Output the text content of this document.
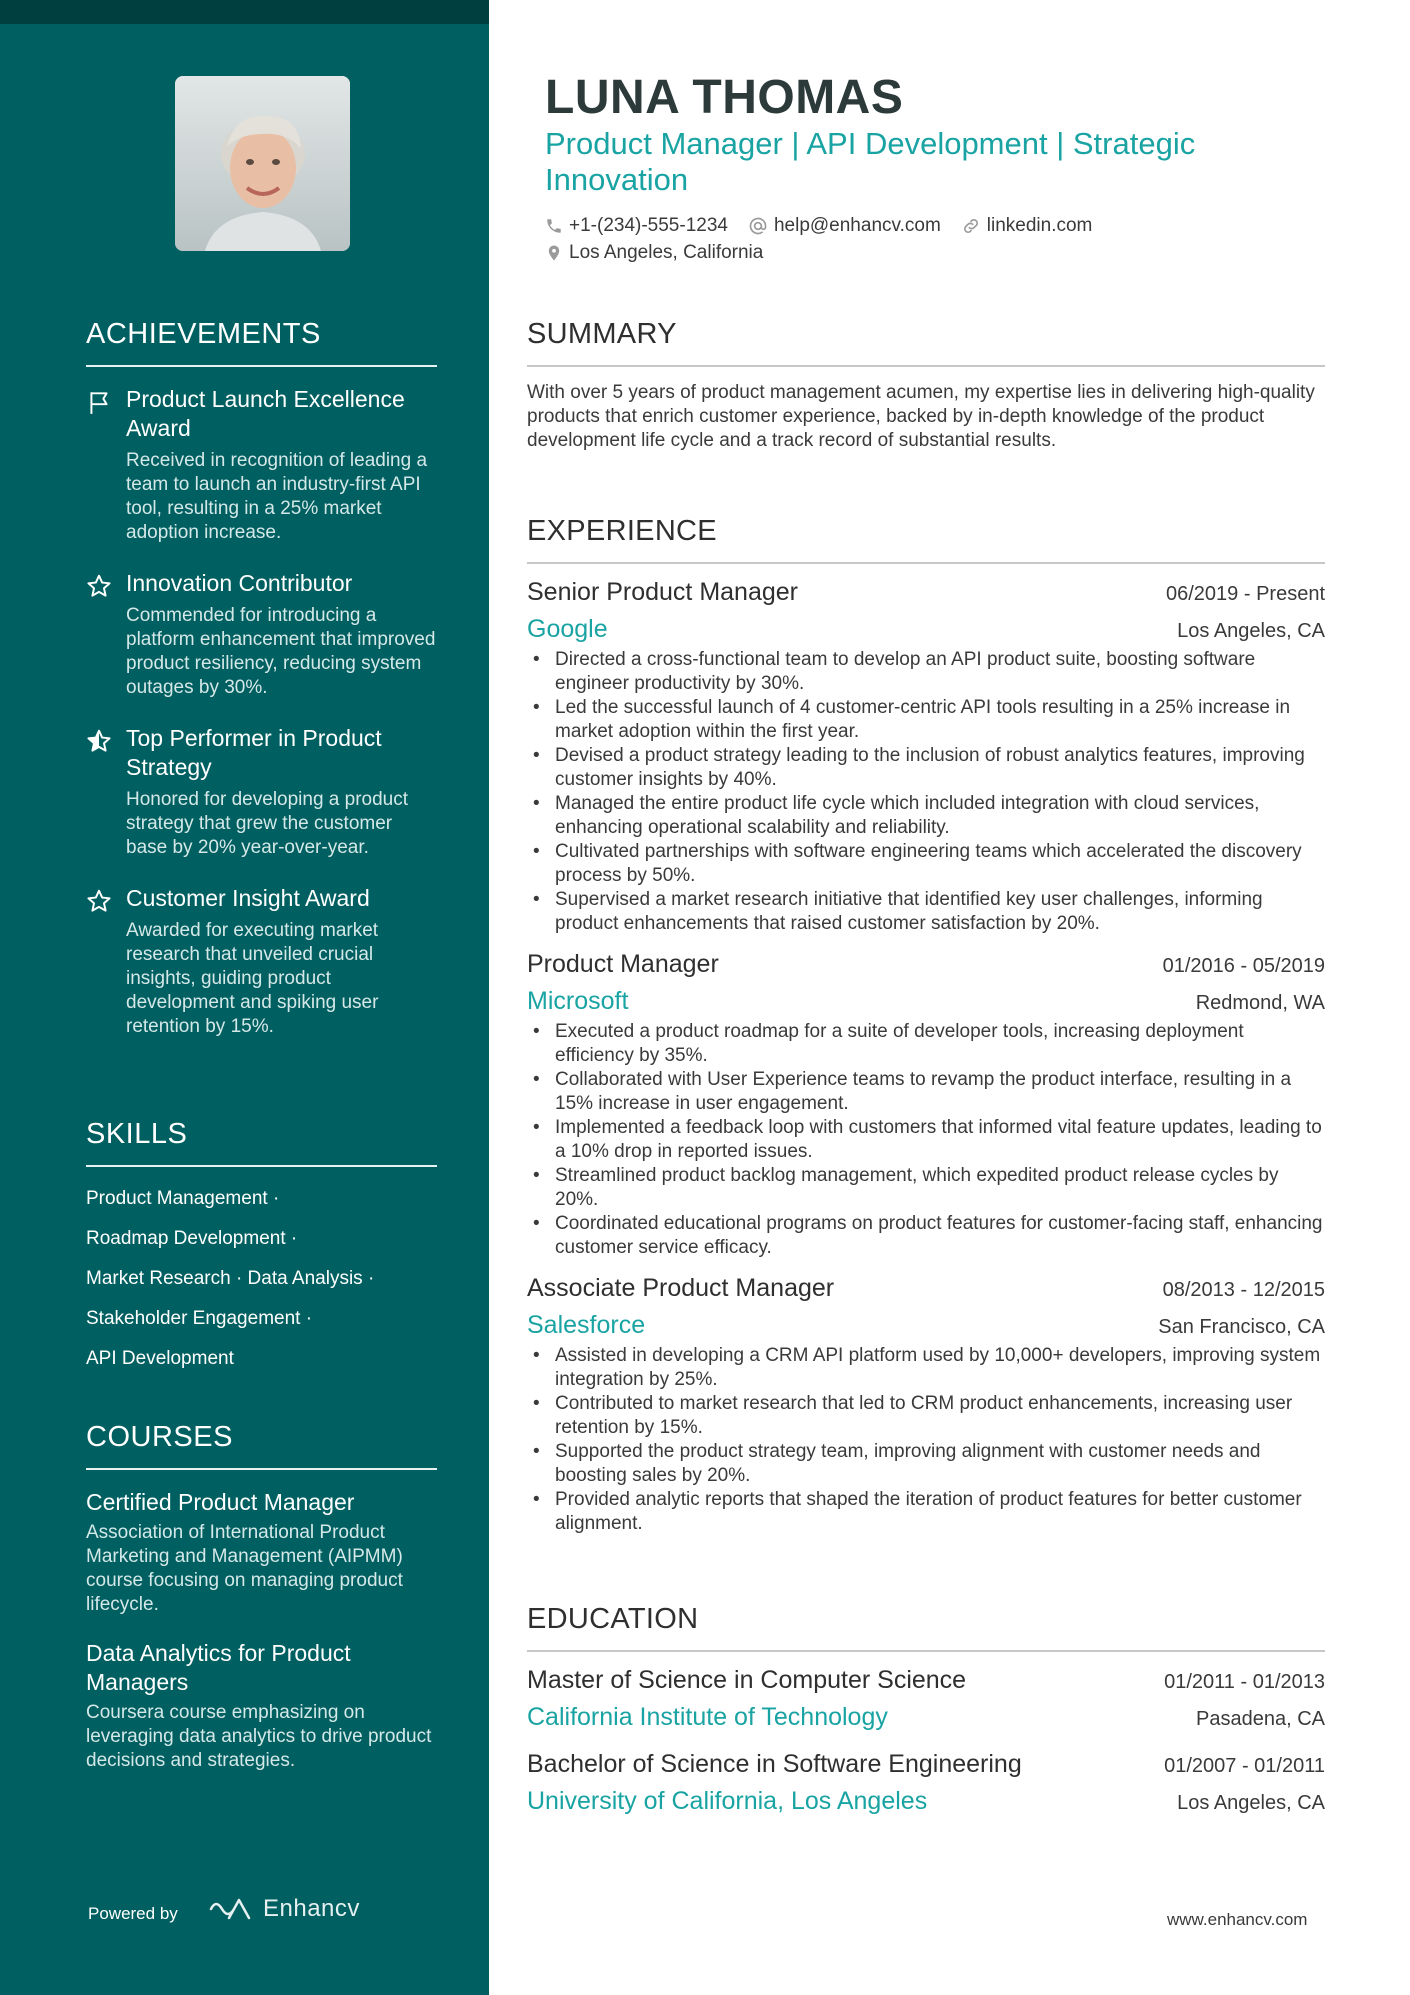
ACHIEVEMENTS
Product Launch Excellence Award
Received in recognition of leading a team to launch an industry-first API tool, resulting in a 25% market adoption increase.
Innovation Contributor
Commended for introducing a platform enhancement that improved product resiliency, reducing system outages by 30%.
Top Performer in Product Strategy
Honored for developing a product strategy that grew the customer base by 20% year-over-year.
Customer Insight Award
Awarded for executing market research that unveiled crucial insights, guiding product development and spiking user retention by 15%.
SKILLS
Product Management ·
Roadmap Development ·
Market Research · Data Analysis ·
Stakeholder Engagement ·
API Development
COURSES
Certified Product Manager
Association of International Product Marketing and Management (AIPMM) course focusing on managing product lifecycle.
Data Analytics for Product Managers
Coursera course emphasizing on leveraging data analytics to drive product decisions and strategies.
Powered by	Enhancv
LUNA THOMAS
Product Manager | API Development | Strategic Innovation
+1-(234)-555-1234 help@enhancv.com linkedin.com
Los Angeles, California
SUMMARY
With over 5 years of product management acumen, my expertise lies in delivering high-quality products that enrich customer experience, backed by in-depth knowledge of the product development life cycle and a track record of substantial results.
EXPERIENCE
Senior Product Manager	06/2019 - Present
Google	Los Angeles, CA
• Directed a cross-functional team to develop an API product suite, boosting software engineer productivity by 30%.
• Led the successful launch of 4 customer-centric API tools resulting in a 25% increase in market adoption within the first year.
• Devised a product strategy leading to the inclusion of robust analytics features, improving customer insights by 40%.
• Managed the entire product life cycle which included integration with cloud services, enhancing operational scalability and reliability.
• Cultivated partnerships with software engineering teams which accelerated the discovery process by 50%.
• Supervised a market research initiative that identified key user challenges, informing product enhancements that raised customer satisfaction by 20%.
Product Manager	01/2016 - 05/2019
Microsoft	Redmond, WA
• Executed a product roadmap for a suite of developer tools, increasing deployment efficiency by 35%.
• Collaborated with User Experience teams to revamp the product interface, resulting in a 15% increase in user engagement.
• Implemented a feedback loop with customers that informed vital feature updates, leading to a 10% drop in reported issues.
• Streamlined product backlog management, which expedited product release cycles by 20%.
• Coordinated educational programs on product features for customer-facing staff, enhancing customer service efficacy.
Associate Product Manager	08/2013 - 12/2015
Salesforce	San Francisco, CA
• Assisted in developing a CRM API platform used by 10,000+ developers, improving system integration by 25%.
• Contributed to market research that led to CRM product enhancements, increasing user retention by 15%.
• Supported the product strategy team, improving alignment with customer needs and boosting sales by 20%.
• Provided analytic reports that shaped the iteration of product features for better customer alignment.
EDUCATION
Master of Science in Computer Science	01/2011 - 01/2013
California Institute of Technology	Pasadena, CA
Bachelor of Science in Software Engineering	01/2007 - 01/2011
University of California, Los Angeles	Los Angeles, CA
www.enhancv.com
